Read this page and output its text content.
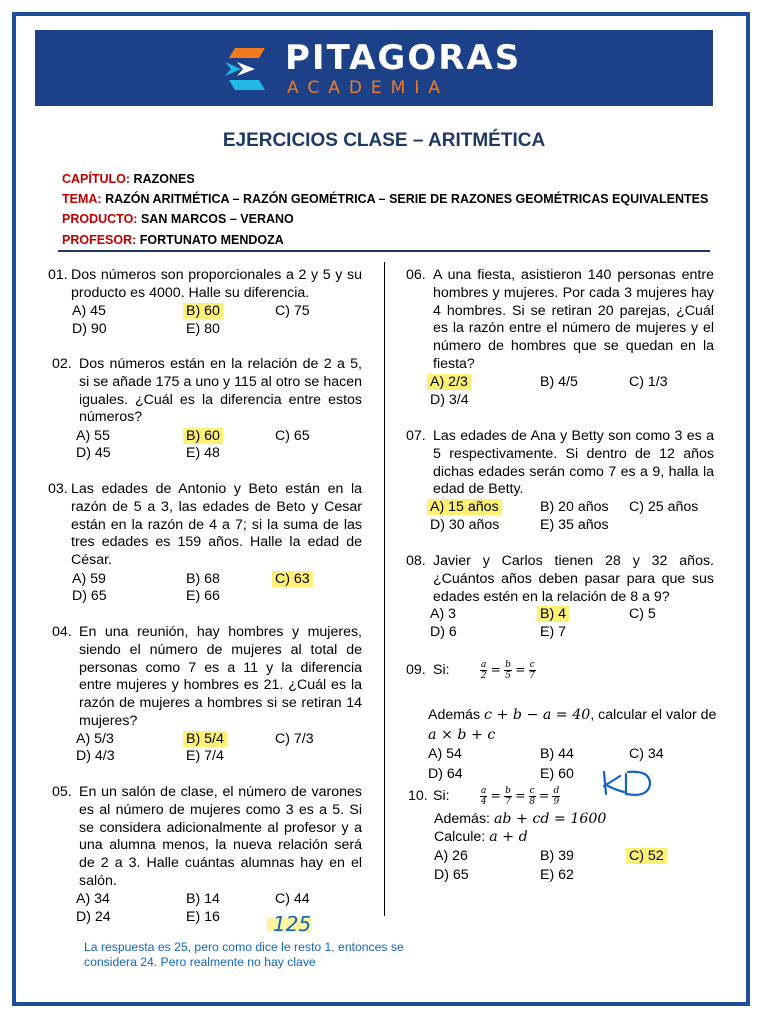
PITAGORAS
ACADEMIA
EJERCICIOS CLASE – ARITMÉTICA
CAPÍTULO: RAZONES
TEMA: RAZÓN ARITMÉTICA – RAZÓN GEOMÉTRICA – SERIE DE RAZONES GEOMÉTRICAS EQUIVALENTES
PRODUCTO: SAN MARCOS – VERANO
PROFESOR: FORTUNATO MENDOZA
01. Dos números son proporcionales a 2 y 5 y su producto es 4000. Halle su diferencia.
A) 45	B) 60	C) 75
D) 90	E) 80
02. Dos números están en la relación de 2 a 5, si se añade 175 a uno y 115 al otro se hacen iguales. ¿Cuál es la diferencia entre estos números?
A) 55	B) 60	C) 65
D) 45	E) 48
03. Las edades de Antonio y Beto están en la razón de 5 a 3, las edades de Beto y Cesar están en la razón de 4 a 7; si la suma de las tres edades es 159 años. Halle la edad de César.
A) 59	B) 68	C) 63
D) 65	E) 66
04. En una reunión, hay hombres y mujeres, siendo el número de mujeres al total de personas como 7 es a 11 y la diferencia entre mujeres y hombres es 21. ¿Cuál es la razón de mujeres a hombres si se retiran 14 mujeres?
A) 5/3	B) 5/4	C) 7/3
D) 4/3	E) 7/4
05. En un salón de clase, el número de varones es al número de mujeres como 3 es a 5. Si se considera adicionalmente al profesor y a una alumna menos, la nueva relación será de 2 a 3. Halle cuántas alumnas hay en el salón.
A) 34	B) 14	C) 44
D) 24	E) 16	125
La respuesta es 25, pero como dice le resto 1, entonces se considera 24. Pero realmente no hay clave
06. A una fiesta, asistieron 140 personas entre hombres y mujeres. Por cada 3 mujeres hay 4 hombres. Si se retiran 20 parejas, ¿Cuál es la razón entre el número de mujeres y el número de hombres que se quedan en la fiesta?
A) 2/3	B) 4/5	C) 1/3
D) 3/4
07. Las edades de Ana y Betty son como 3 es a 5 respectivamente. Si dentro de 12 años dichas edades serán como 7 es a 9, halla la edad de Betty.
A) 15 años	B) 20 años C) 25 años
D) 30 años	E) 35 años
08. Javier y Carlos tienen 28 y 32 años. ¿Cuántos años deben pasar para que sus edades estén en la relación de 8 a 9?
A) 3	B) 4	C) 5
D) 6	E) 7
09. Si:	$\frac{a}{2} = \frac{b}{5} = \frac{c}{7}$
Además c + b − a = 40, calcular el valor de
a × b + c
A) 54	B) 44	C) 34
D) 64	E) 60
10. Si:	$\frac{a}{4} = \frac{b}{7} = \frac{c}{8} = \frac{d}{9}$
Además: ab + cd = 1600
Calcule: a + d
A) 26	B) 39	C) 52
D) 65	E) 62
